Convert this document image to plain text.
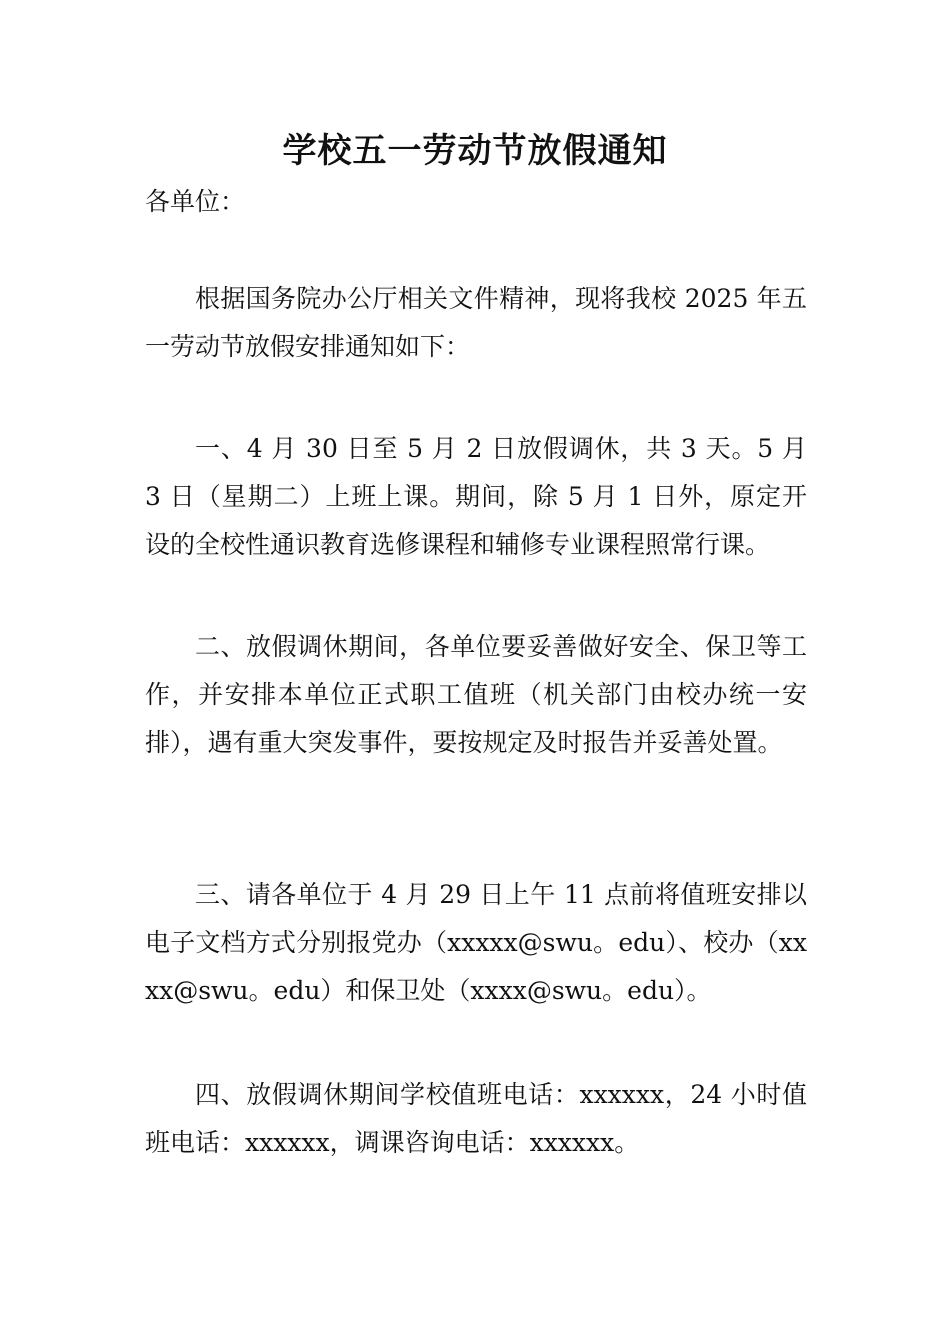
学校五一劳动节放假通知
各单位：
根据国务院办公厅相关文件精神，现将我校 2025 年五一劳动节放假安排通知如下：
一、4 月 30 日至 5 月 2 日放假调休，共 3 天。5 月 3 日（星期二）上班上课。期间，除 5 月 1 日外，原定开设的全校性通识教育选修课程和辅修专业课程照常行课。
二、放假调休期间，各单位要妥善做好安全、保卫等工作，并安排本单位正式职工值班（机关部门由校办统一安排），遇有重大突发事件，要按规定及时报告并妥善处置。
三、请各单位于 4 月 29 日上午 11 点前将值班安排以电子文档方式分别报党办（xxxxx@swu。edu）、校办（xxxx@swu。edu）和保卫处（xxxx@swu。edu）。
四、放假调休期间学校值班电话：xxxxxx，24 小时值班电话：xxxxxx，调课咨询电话：xxxxxx。
